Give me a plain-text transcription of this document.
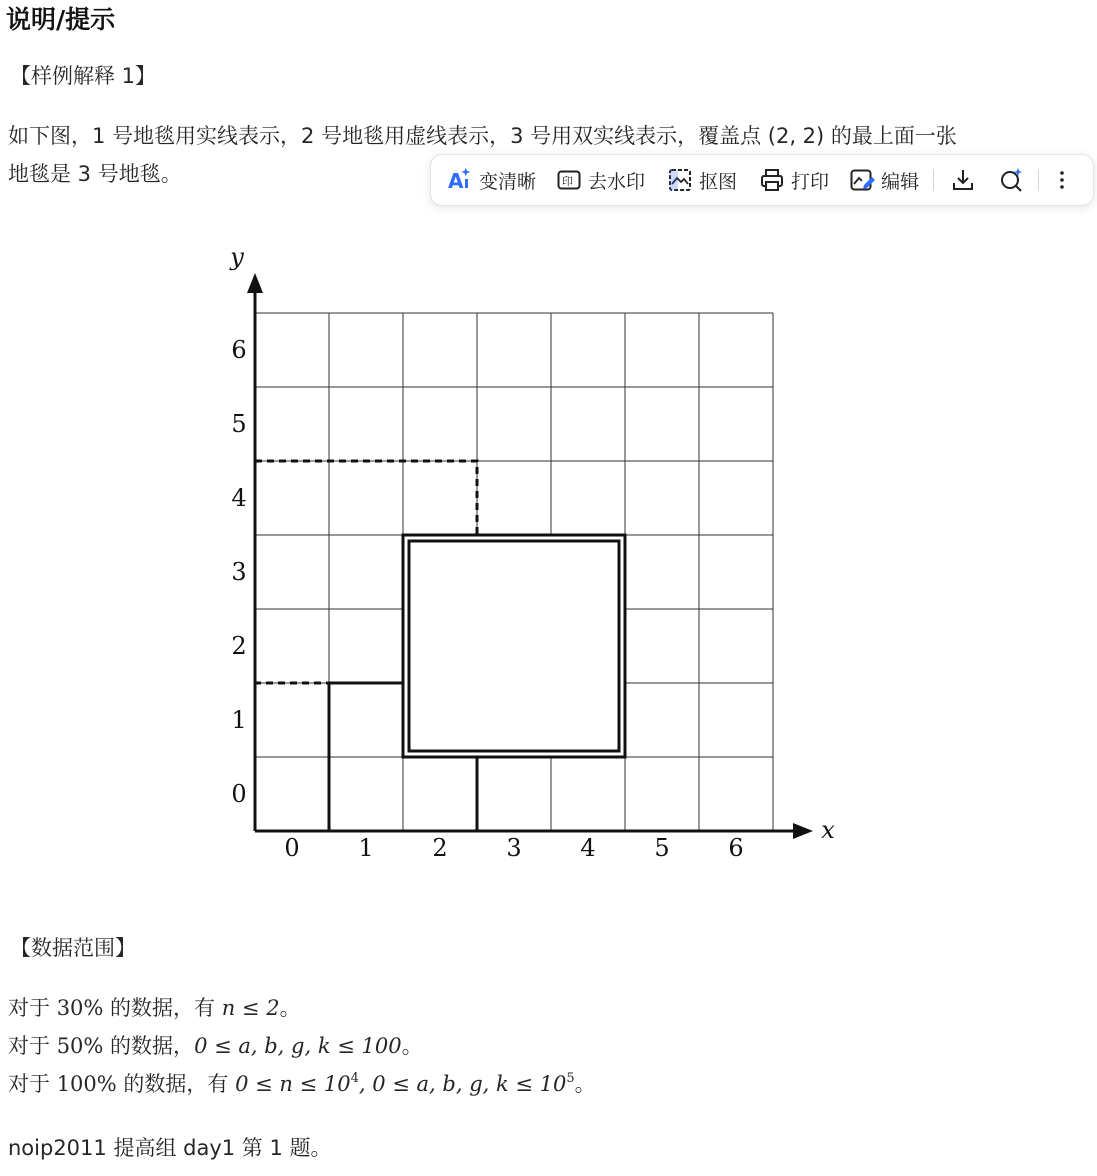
说明/提示
【样例解释 1】
如下图，1 号地毯用实线表示，2 号地毯用虚线表示，3 号用双实线表示，覆盖点 (2, 2) 的最上面一张
地毯是 3 号地毯。	A 变清晰 印 去水印	抠图	打印	编辑
0 1 2 3 4 5 6
0
1
2
3
4
5
6
x
y
【数据范围】
对于 30% 的数据，有 n ≤ 2。
对于 50% 的数据，0 ≤ a, b, g, k ≤ 100。
对于 100% 的数据，有 $0 \le n \le 10^4$, 0 ≤ a, b, g, $k \le 10^5$。
noip2011 提高组 day1 第 1 题。
